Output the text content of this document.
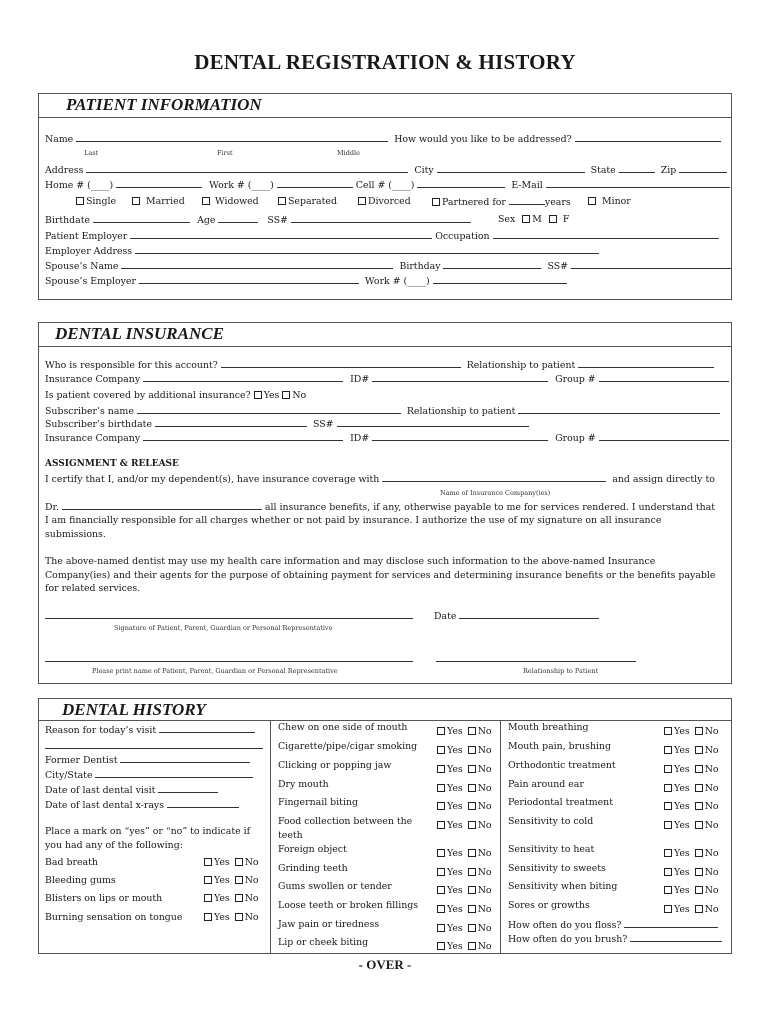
DENTAL REGISTRATION & HISTORY
PATIENT INFORMATION
Name	How would you like to be addressed?
Last	First	Middle
Address	City	State	Zip
Home # (____)	Work # (____)	Cell # (____)	E-Mail
Single	Married	Widowed	Separated	Divorced	Partnered for	years	Minor
Birthdate	Age	SS#	Sex M F
Patient Employer	Occupation
Employer Address
Spouse’s Name	Birthday	SS#
Spouse’s Employer	Work # (____)
DENTAL INSURANCE
Who is responsible for this account?	Relationship to patient
Insurance Company	ID#	Group #
Is patient covered by additional insurance? Yes No
Subscriber’s name	Relationship to patient
Subscriber’s birthdate	SS#
Insurance Company	ID#	Group #
ASSIGNMENT & RELEASE
I certify that I, and/or my dependent(s), have insurance coverage with	and assign directly to
Name of Insurance Company(ies)
Dr.	all insurance benefits, if any, otherwise payable to me for services rendered. I understand that
I am financially responsible for all charges whether or not paid by insurance. I authorize the use of my signature on all insurance
submissions.
The above-named dentist may use my health care information and may disclose such information to the above-named Insurance
Company(ies) and their agents for the purpose of obtaining payment for services and determining insurance benefits or the benefits payable
for related services.
Date
Signature of Patient, Parent, Guardian or Personal Representative

Please print name of Patient, Parent, Guardian or Personal Representative	Relationship to Patient
DENTAL HISTORY
Reason for today’s visit
Former Dentist
City/State
Date of last dental visit
Date of last dental x-rays
Place a mark on “yes” or “no” to indicate if
you had any of the following:
Bad breath	Yes No
Bleeding gums	Yes No
Blisters on lips or mouth	Yes No
Burning sensation on tongue	Yes No
Chew on one side of mouth	Yes No
Cigarette/pipe/cigar smoking	Yes No
Clicking or popping jaw	Yes No
Dry mouth	Yes No
Fingernail biting	Yes No
Food collection between the	Yes No
Foreign object	Yes No
Grinding teeth	Yes No
Gums swollen or tender	Yes No
Loose teeth or broken fillings	Yes No
Jaw pain or tiredness	Yes No
Lip or cheek biting	Yes No
teeth
Mouth breathing	Yes No
Mouth pain, brushing	Yes No
Orthodontic treatment	Yes No
Pain around ear	Yes No
Periodontal treatment	Yes No
Sensitivity to cold	Yes No
Sensitivity to heat	Yes No
Sensitivity to sweets	Yes No
Sensitivity when biting	Yes No
Sores or growths	Yes No
How often do you floss?
How often do you brush?
- OVER -
